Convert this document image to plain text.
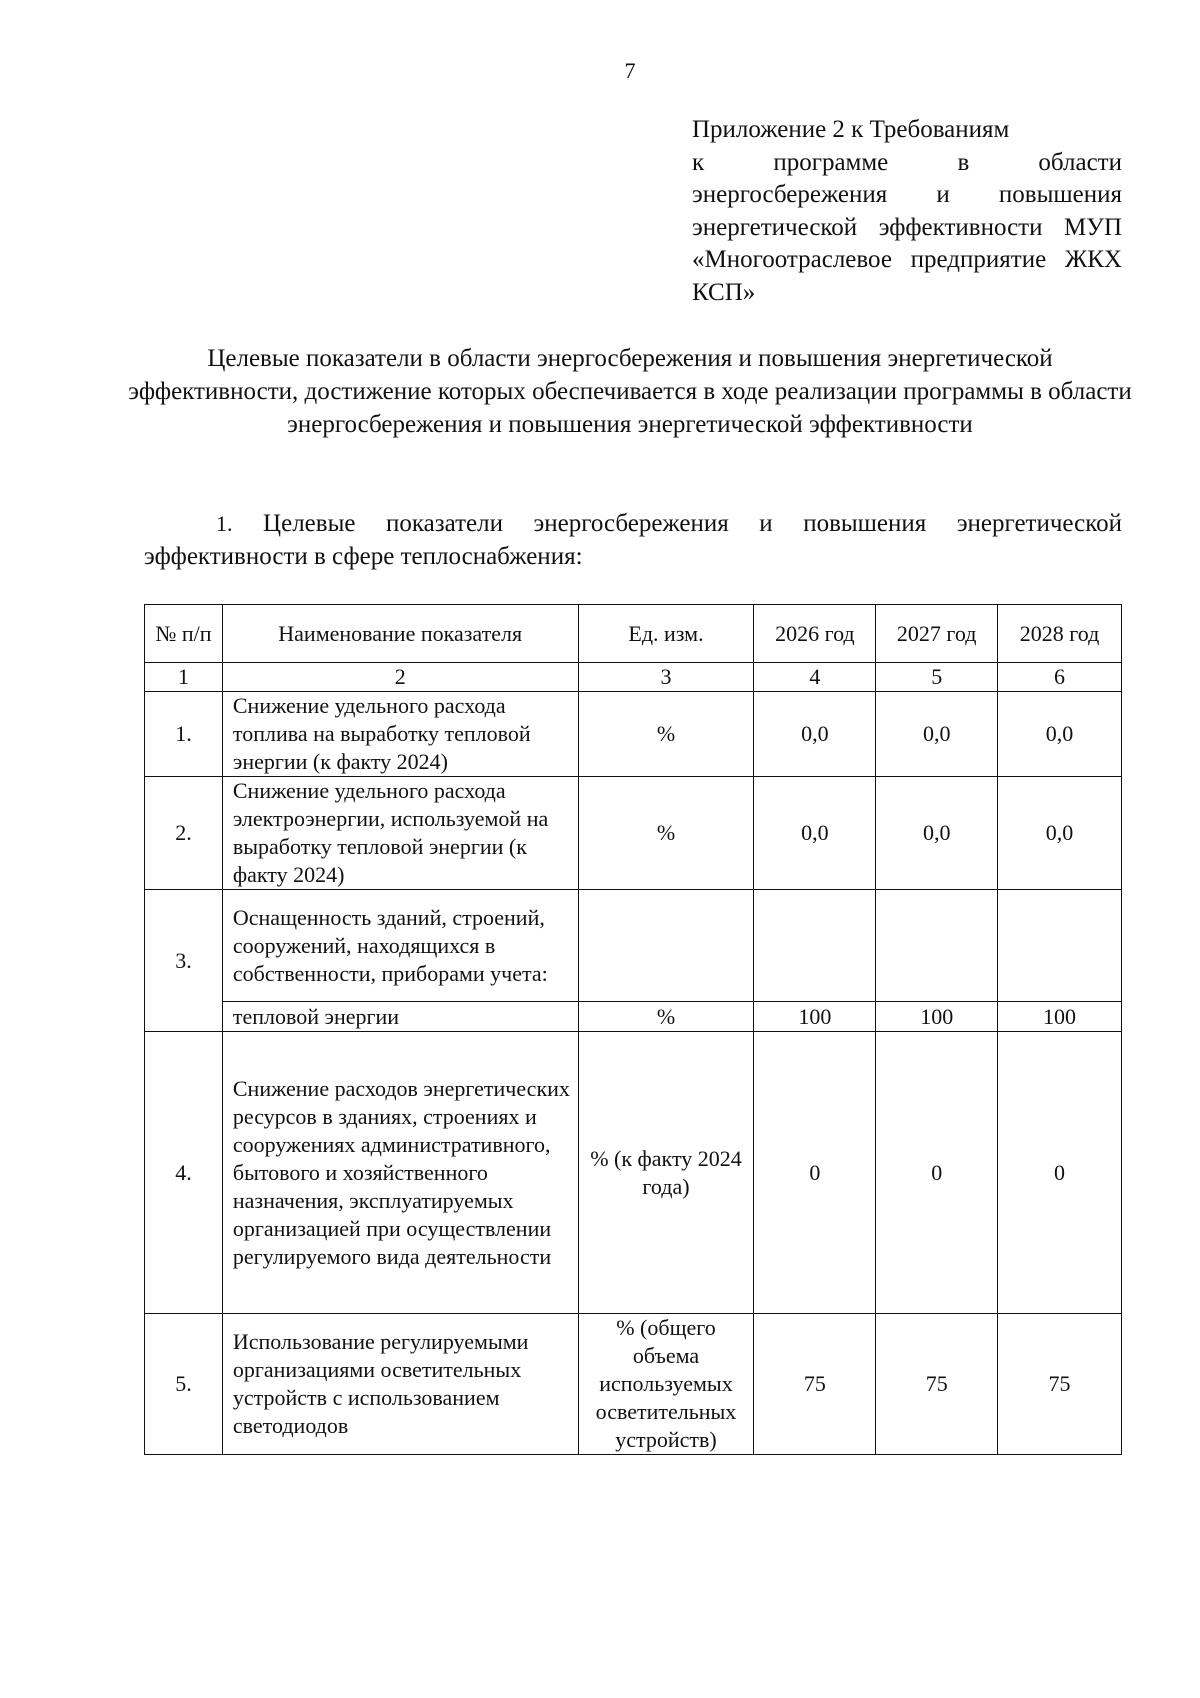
7
Приложение 2 к Требованиям
к программе в области энергосбережения и повышения энергетической эффективности МУП «Многоотраслевое предприятие ЖКХ КСП»
Целевые показатели в области энергосбережения и повышения энергетической эффективности, достижение которых обеспечивается в ходе реализации программы в области энергосбережения и повышения энергетической эффективности
1. Целевые показатели энергосбережения и повышения энергетической эффективности в сфере теплоснабжения:
№ п/п	Наименование показателя	Ед. изм.	2026 год	2027 год	2028 год
1	2	3	4	5	6
1.	Снижение удельного расхода топлива на выработку тепловой энергии (к факту 2024)	%	0,0	0,0	0,0
2.	Снижение удельного расхода электроэнергии, используемой на выработку тепловой энергии (к факту 2024)	%	0,0	0,0	0,0
3.	Оснащенность зданий, строений, сооружений, находящихся в собственности, приборами учета:				
	тепловой энергии	%	100	100	100
4.	Снижение расходов энергетических ресурсов в зданиях, строениях и сооружениях административного, бытового и хозяйственного назначения, эксплуатируемых организацией при осуществлении регулируемого вида деятельности	% (к факту 2024 года)	0	0	0
5.	Использование регулируемыми организациями осветительных устройств с использованием светодиодов	% (общего объема используемых осветительных устройств)	75	75	75
